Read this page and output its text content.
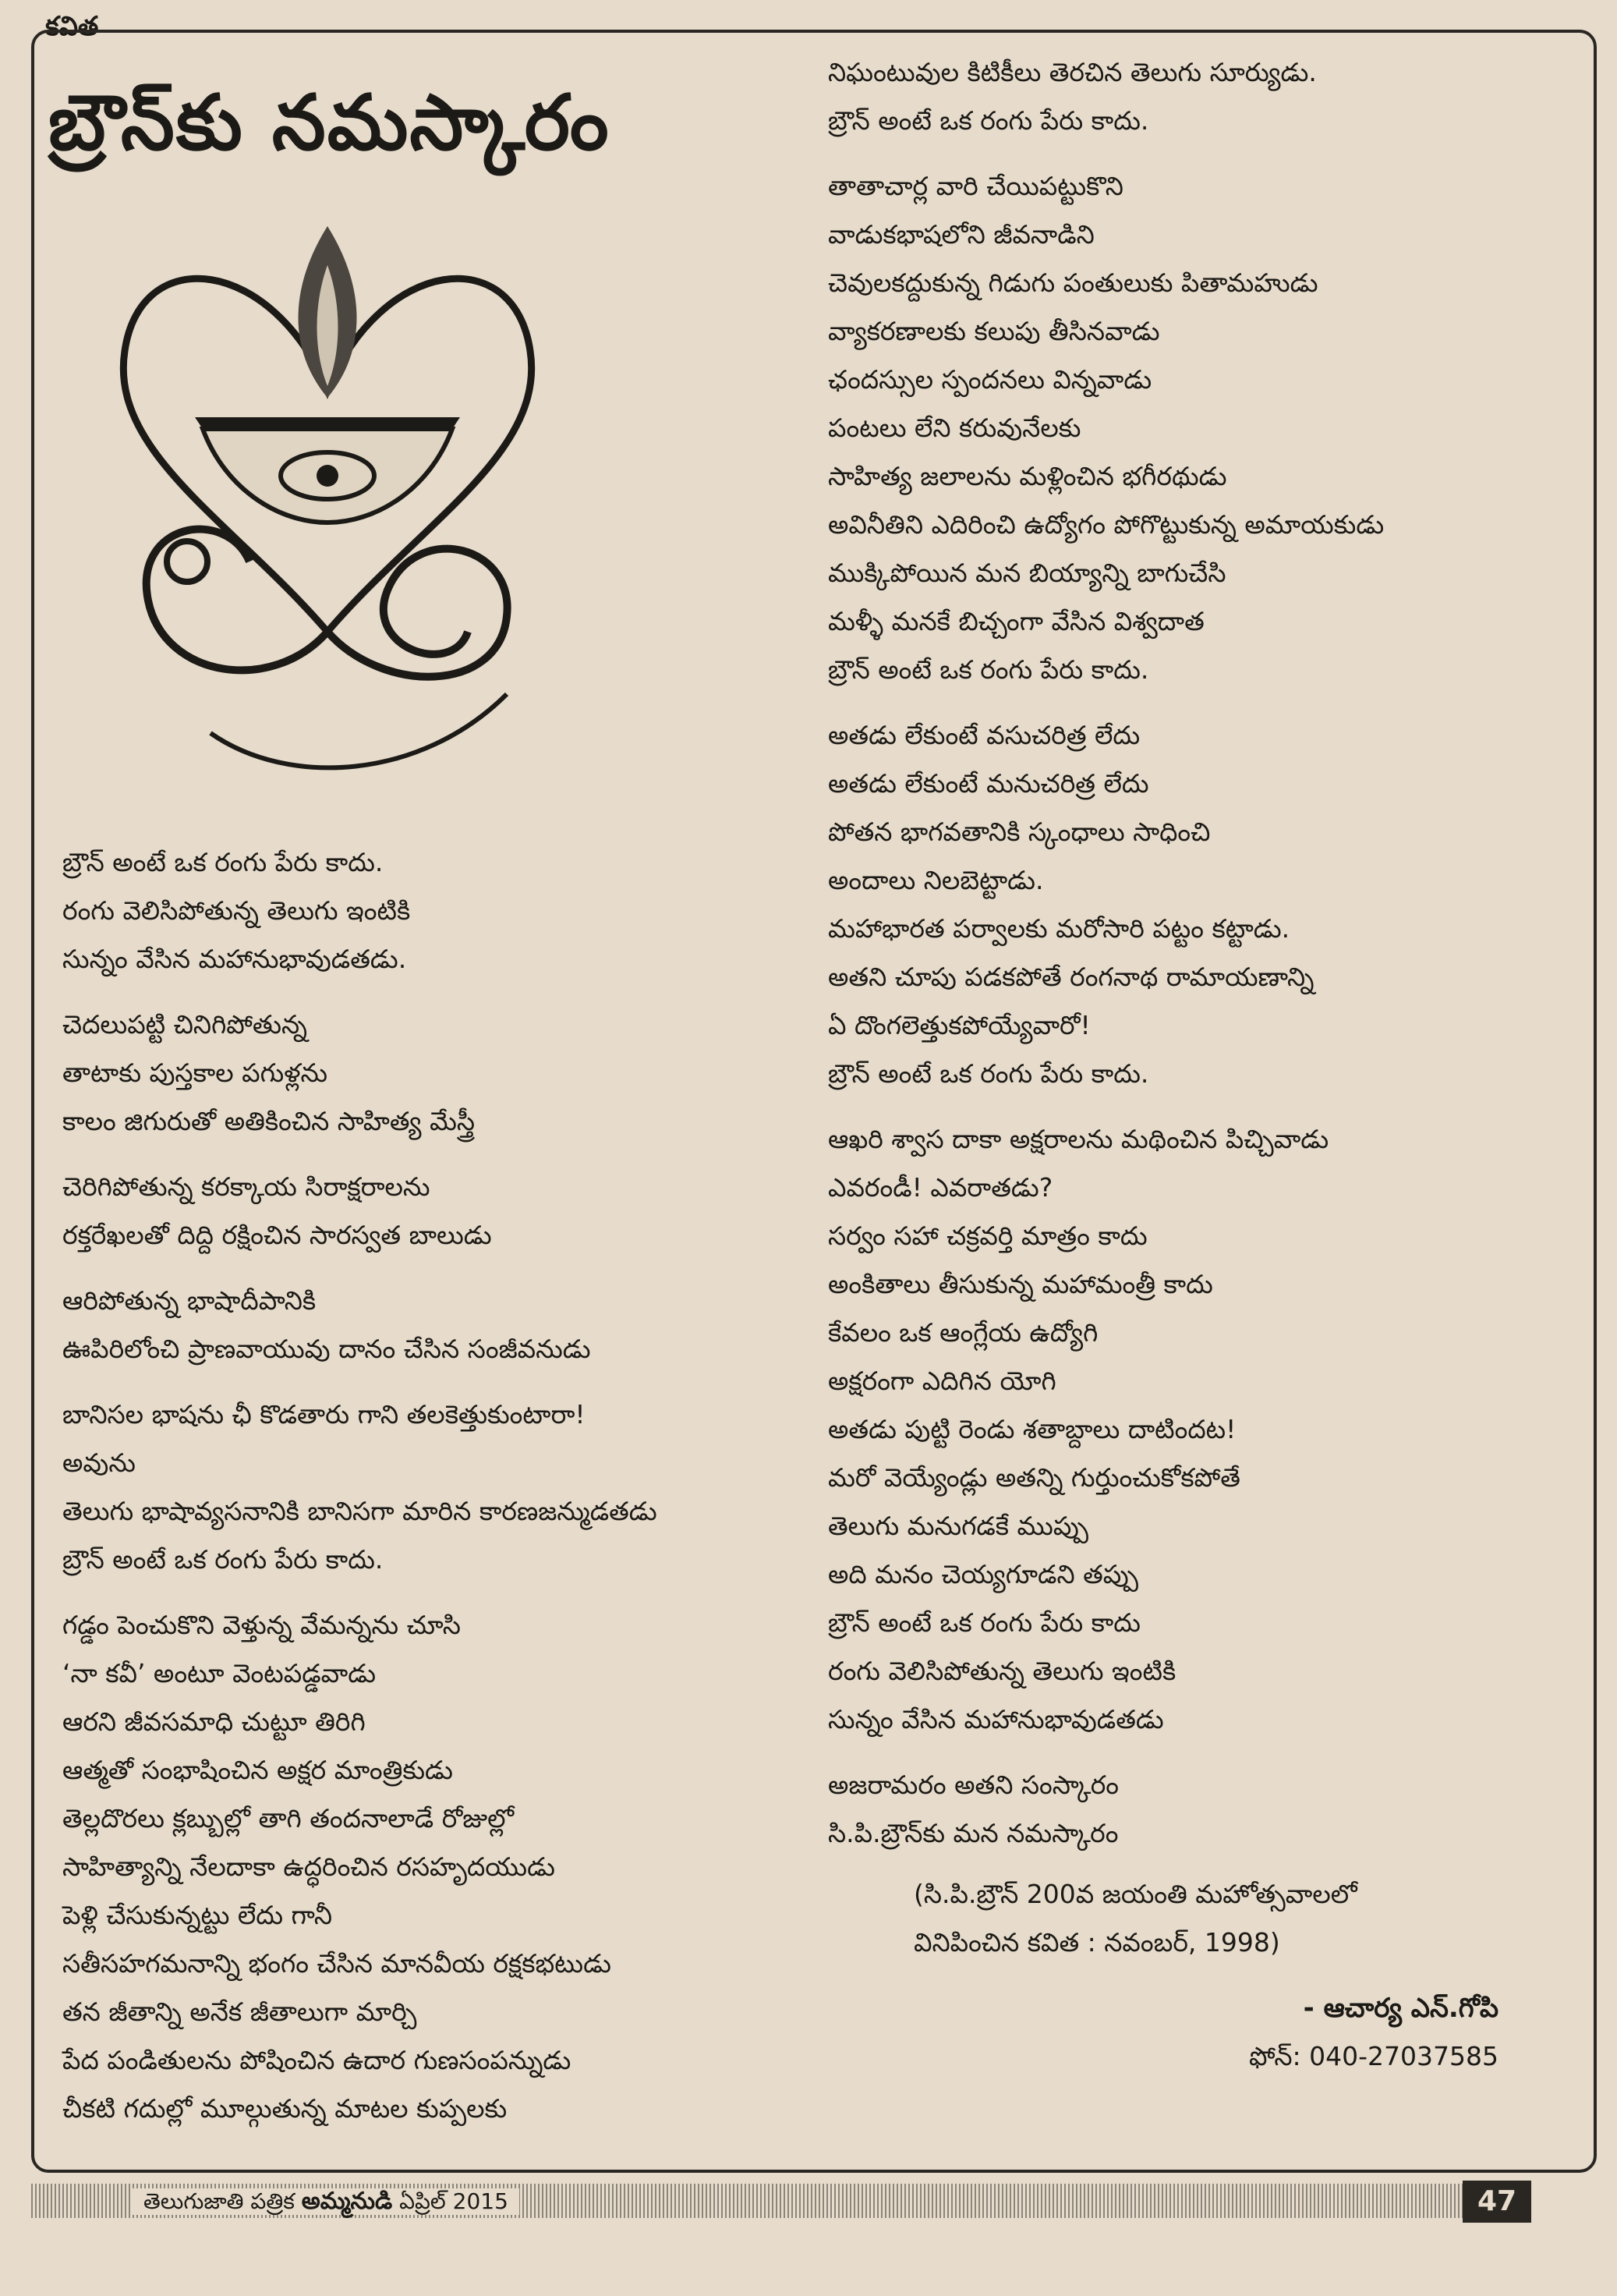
కవిత
బ్రౌన్‌కు నమస్కారం
బ్రౌన్ అంటే ఒక రంగు పేరు కాదు.
రంగు వెలిసిపోతున్న తెలుగు ఇంటికి
సున్నం వేసిన మహానుభావుడతడు.
చెదలుపట్టి చినిగిపోతున్న
తాటాకు పుస్తకాల పగుళ్లను
కాలం జిగురుతో అతికించిన సాహిత్య మేస్త్రీ
చెరిగిపోతున్న కరక్కాయ సిరాక్షరాలను
రక్తరేఖలతో దిద్ది రక్షించిన సారస్వత బాలుడు
ఆరిపోతున్న భాషాదీపానికి
ఊపిరిలోంచి ప్రాణవాయువు దానం చేసిన సంజీవనుడు
బానిసల భాషను ఛీ కొడతారు గాని తలకెత్తుకుంటారా!
అవును
తెలుగు భాషావ్యసనానికి బానిసగా మారిన కారణజన్ముడతడు
బ్రౌన్ అంటే ఒక రంగు పేరు కాదు.
గడ్డం పెంచుకొని వెళ్తున్న వేమన్నను చూసి
‘నా కవీ’ అంటూ వెంటపడ్డవాడు
ఆరని జీవసమాధి చుట్టూ తిరిగి
ఆత్మతో సంభాషించిన అక్షర మాంత్రికుడు
తెల్లదొరలు క్లబ్బుల్లో తాగి తందనాలాడే రోజుల్లో
సాహిత్యాన్ని నేలదాకా ఉద్ధరించిన రసహృదయుడు
పెళ్లి చేసుకున్నట్టు లేదు గానీ
సతీసహగమనాన్ని భంగం చేసిన మానవీయ రక్షకభటుడు
తన జీతాన్ని అనేక జీతాలుగా మార్చి
పేద పండితులను పోషించిన ఉదార గుణసంపన్నుడు
చీకటి గదుల్లో మూల్గుతున్న మాటల కుప్పలకు
నిఘంటువుల కిటికీలు తెరచిన తెలుగు సూర్యుడు.
బ్రౌన్ అంటే ఒక రంగు పేరు కాదు.
తాతాచార్ల వారి చేయిపట్టుకొని
వాడుకభాషలోని జీవనాడిని
చెవులకద్దుకున్న గిడుగు పంతులుకు పితామహుడు
వ్యాకరణాలకు కలుపు తీసినవాడు
ఛందస్సుల స్పందనలు విన్నవాడు
పంటలు లేని కరువునేలకు
సాహిత్య జలాలను మళ్లించిన భగీరథుడు
అవినీతిని ఎదిరించి ఉద్యోగం పోగొట్టుకున్న అమాయకుడు
ముక్కిపోయిన మన బియ్యాన్ని బాగుచేసి
మళ్ళీ మనకే బిచ్చంగా వేసిన విశ్వదాత
బ్రౌన్ అంటే ఒక రంగు పేరు కాదు.
అతడు లేకుంటే వసుచరిత్ర లేదు
అతడు లేకుంటే మనుచరిత్ర లేదు
పోతన భాగవతానికి స్కంధాలు సాధించి
అందాలు నిలబెట్టాడు.
మహాభారత పర్వాలకు మరోసారి పట్టం కట్టాడు.
అతని చూపు పడకపోతే రంగనాథ రామాయణాన్ని
ఏ దొంగలెత్తుకపోయ్యేవారో!
బ్రౌన్ అంటే ఒక రంగు పేరు కాదు.
ఆఖరి శ్వాస దాకా అక్షరాలను మథించిన పిచ్చివాడు
ఎవరండీ! ఎవరాతడు?
సర్వం సహా చక్రవర్తి మాత్రం కాదు
అంకితాలు తీసుకున్న మహామంత్రీ కాదు
కేవలం ఒక ఆంగ్లేయ ఉద్యోగి
అక్షరంగా ఎదిగిన యోగి
అతడు పుట్టి రెండు శతాబ్దాలు దాటిందట!
మరో వెయ్యేండ్లు అతన్ని గుర్తుంచుకోకపోతే
తెలుగు మనుగడకే ముప్పు
అది మనం చెయ్యగూడని తప్పు
బ్రౌన్ అంటే ఒక రంగు పేరు కాదు
రంగు వెలిసిపోతున్న తెలుగు ఇంటికి
సున్నం వేసిన మహానుభావుడతడు
అజరామరం అతని సంస్కారం
సి.పి.బ్రౌన్‌కు మన నమస్కారం
(సి.పి.బ్రౌన్ 200వ జయంతి మహోత్సవాలలో
వినిపించిన కవిత : నవంబర్, 1998)
- ఆచార్య ఎన్.గోపి
ఫోన్: 040-27037585
తెలుగుజాతి పత్రిక అమ్మనుడి ఏప్రిల్ 2015	47
